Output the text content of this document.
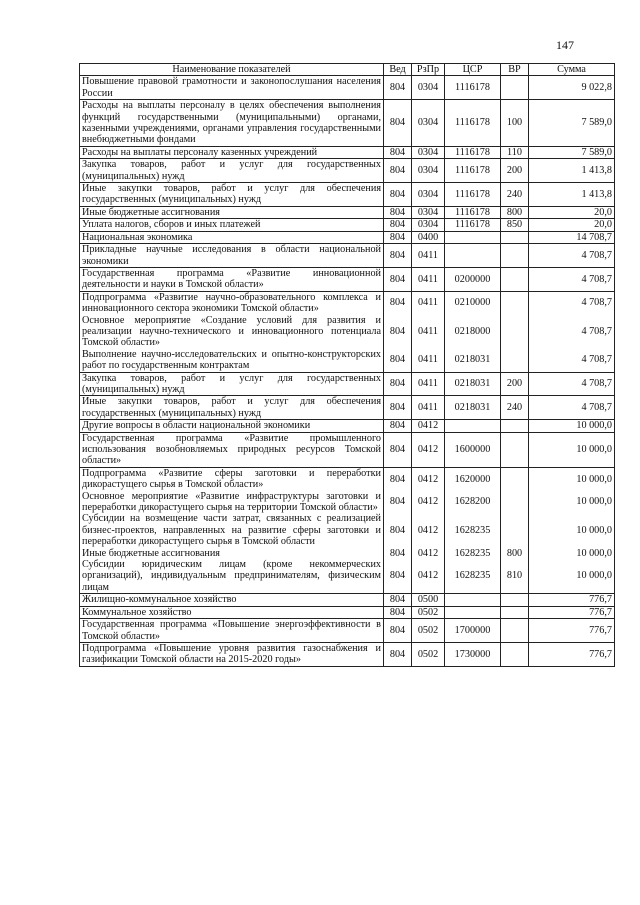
147
Наименование показателей	Вед	РзПр	ЦСР	ВР	Сумма
Повышение правовой грамотности и законопослушания населения России	804	0304	1116178		9 022,8
Расходы на выплаты персоналу в целях обеспечения выполнения функций государственными (муниципальными) органами, казенными учреждениями, органами управления государственными внебюджетными фондами	804	0304	1116178	100	7 589,0
Расходы на выплаты персоналу казенных учреждений	804	0304	1116178	110	7 589,0
Закупка товаров, работ и услуг для государственных (муниципальных) нужд	804	0304	1116178	200	1 413,8
Иные закупки товаров, работ и услуг для обеспечения государственных (муниципальных) нужд	804	0304	1116178	240	1 413,8
Иные бюджетные ассигнования	804	0304	1116178	800	20,0
Уплата налогов, сборов и иных платежей	804	0304	1116178	850	20,0
Национальная экономика	804	0400			14 708,7
Прикладные научные исследования в области национальной экономики	804	0411			4 708,7
Государственная программа «Развитие инновационной деятельности и науки в Томской области»	804	0411	0200000		4 708,7
Подпрограмма «Развитие научно-образовательного комплекса и инновационного сектора экономики Томской области»	804	0411	0210000		4 708,7
Основное мероприятие «Создание условий для развития и реализации научно-технического и инновационного потенциала Томской области»	804	0411	0218000		4 708,7
Выполнение научно-исследовательских и опытно-конструкторских работ по государственным контрактам	804	0411	0218031		4 708,7
Закупка товаров, работ и услуг для государственных (муниципальных) нужд	804	0411	0218031	200	4 708,7
Иные закупки товаров, работ и услуг для обеспечения государственных (муниципальных) нужд	804	0411	0218031	240	4 708,7
Другие вопросы в области национальной экономики	804	0412			10 000,0
Государственная программа «Развитие промышленного использования возобновляемых природных ресурсов Томской области»	804	0412	1600000		10 000,0
Подпрограмма «Развитие сферы заготовки и переработки дикорастущего сырья в Томской области»	804	0412	1620000		10 000,0
Основное мероприятие «Развитие инфраструктуры заготовки и переработки дикорастущего сырья на территории Томской области»	804	0412	1628200		10 000,0
Субсидии на возмещение части затрат, связанных с реализацией бизнес-проектов, направленных на развитие сферы заготовки и переработки дикорастущего сырья в Томской области	804	0412	1628235		10 000,0
Иные бюджетные ассигнования	804	0412	1628235	800	10 000,0
Субсидии юридическим лицам (кроме некоммерческих организаций), индивидуальным предпринимателям, физическим лицам	804	0412	1628235	810	10 000,0
Жилищно-коммунальное хозяйство	804	0500			776,7
Коммунальное хозяйство	804	0502			776,7
Государственная программа «Повышение энергоэффективности в Томской области»	804	0502	1700000		776,7
Подпрограмма «Повышение уровня развития газоснабжения и газификации Томской области на 2015-2020 годы»	804	0502	1730000		776,7
